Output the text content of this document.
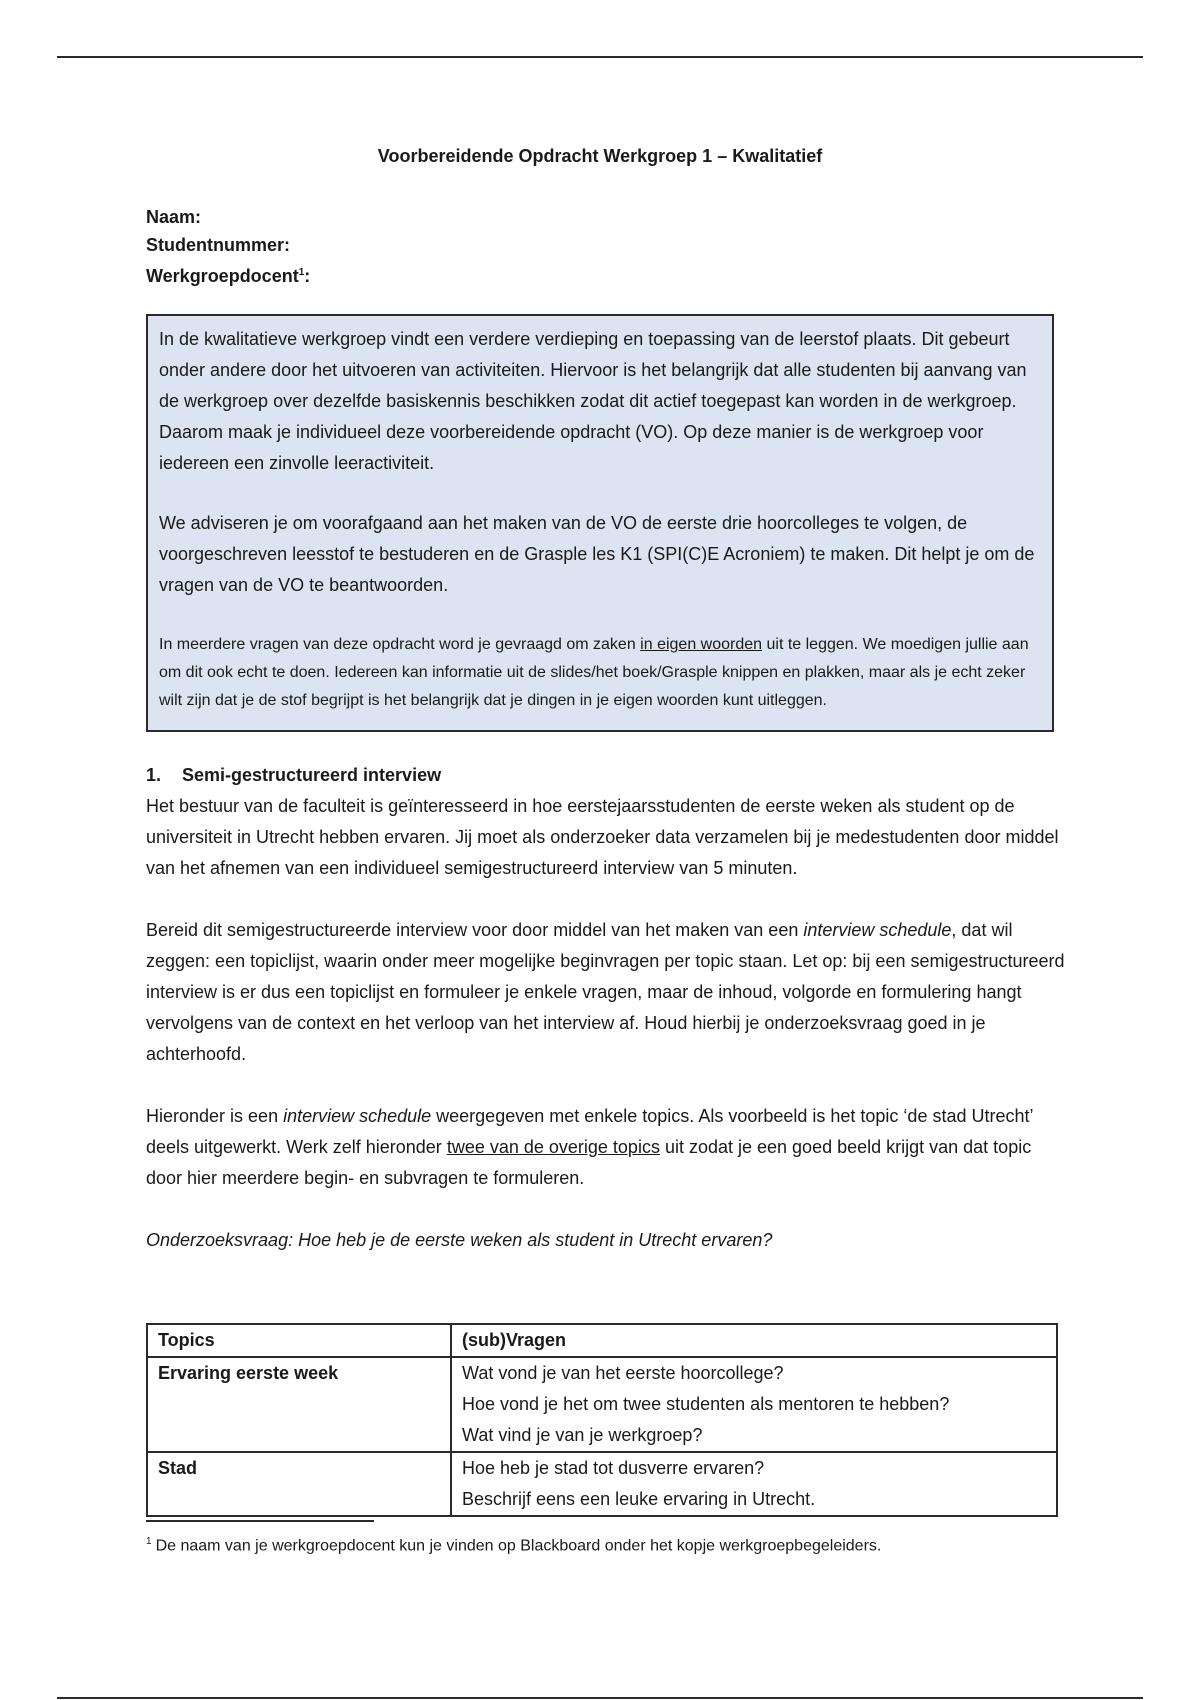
Voorbereidende Opdracht Werkgroep 1 – Kwalitatief
Naam:
Studentnummer:
Werkgroepdocent$^1$:

In de kwalitatieve werkgroep vindt een verdere verdieping en toepassing van de leerstof plaats. Dit gebeurt onder andere door het uitvoeren van activiteiten. Hiervoor is het belangrijk dat alle studenten bij aanvang van de werkgroep over dezelfde basiskennis beschikken zodat dit actief toegepast kan worden in de werkgroep. Daarom maak je individueel deze voorbereidende opdracht (VO). Op deze manier is de werkgroep voor iedereen een zinvolle leeractiviteit.

We adviseren je om voorafgaand aan het maken van de VO de eerste drie hoorcolleges te volgen, de voorgeschreven leesstof te bestuderen en de Grasple les K1 (SPI(C)E Acroniem) te maken. Dit helpt je om de vragen van de VO te beantwoorden.

In meerdere vragen van deze opdracht word je gevraagd om zaken in eigen woorden uit te leggen. We moedigen jullie aan om dit ook echt te doen. Iedereen kan informatie uit de slides/het boek/Grasple knippen en plakken, maar als je echt zeker wilt zijn dat je de stof begrijpt is het belangrijk dat je dingen in je eigen woorden kunt uitleggen.

1. Semi-gestructureerd interview

Het bestuur van de faculteit is geïnteresseerd in hoe eerstejaarsstudenten de eerste weken als student op de universiteit in Utrecht hebben ervaren. Jij moet als onderzoeker data verzamelen bij je medestudenten door middel van het afnemen van een individueel semigestructureerd interview van 5 minuten.

Bereid dit semigestructureerde interview voor door middel van het maken van een interview schedule, dat wil zeggen: een topiclijst, waarin onder meer mogelijke beginvragen per topic staan. Let op: bij een semigestructureerd interview is er dus een topiclijst en formuleer je enkele vragen, maar de inhoud, volgorde en formulering hangt vervolgens van de context en het verloop van het interview af. Houd hierbij je onderzoeksvraag goed in je achterhoofd.

Hieronder is een interview schedule weergegeven met enkele topics. Als voorbeeld is het topic ‘de stad Utrecht’ deels uitgewerkt. Werk zelf hieronder twee van de overige topics uit zodat je een goed beeld krijgt van dat topic door hier meerdere begin- en subvragen te formuleren.

Onderzoeksvraag: Hoe heb je de eerste weken als student in Utrecht ervaren?

Topics	(sub)Vragen
Ervaring eerste week	Wat vond je van het eerste hoorcollege?
Hoe vond je het om twee studenten als mentoren te hebben?
Wat vind je van je werkgroep?

Stad	Hoe heb je stad tot dusverre ervaren?
Beschrijf eens een leuke ervaring in Utrecht.
$^1$ De naam van je werkgroepdocent kun je vinden op Blackboard onder het kopje werkgroepbegeleiders.
